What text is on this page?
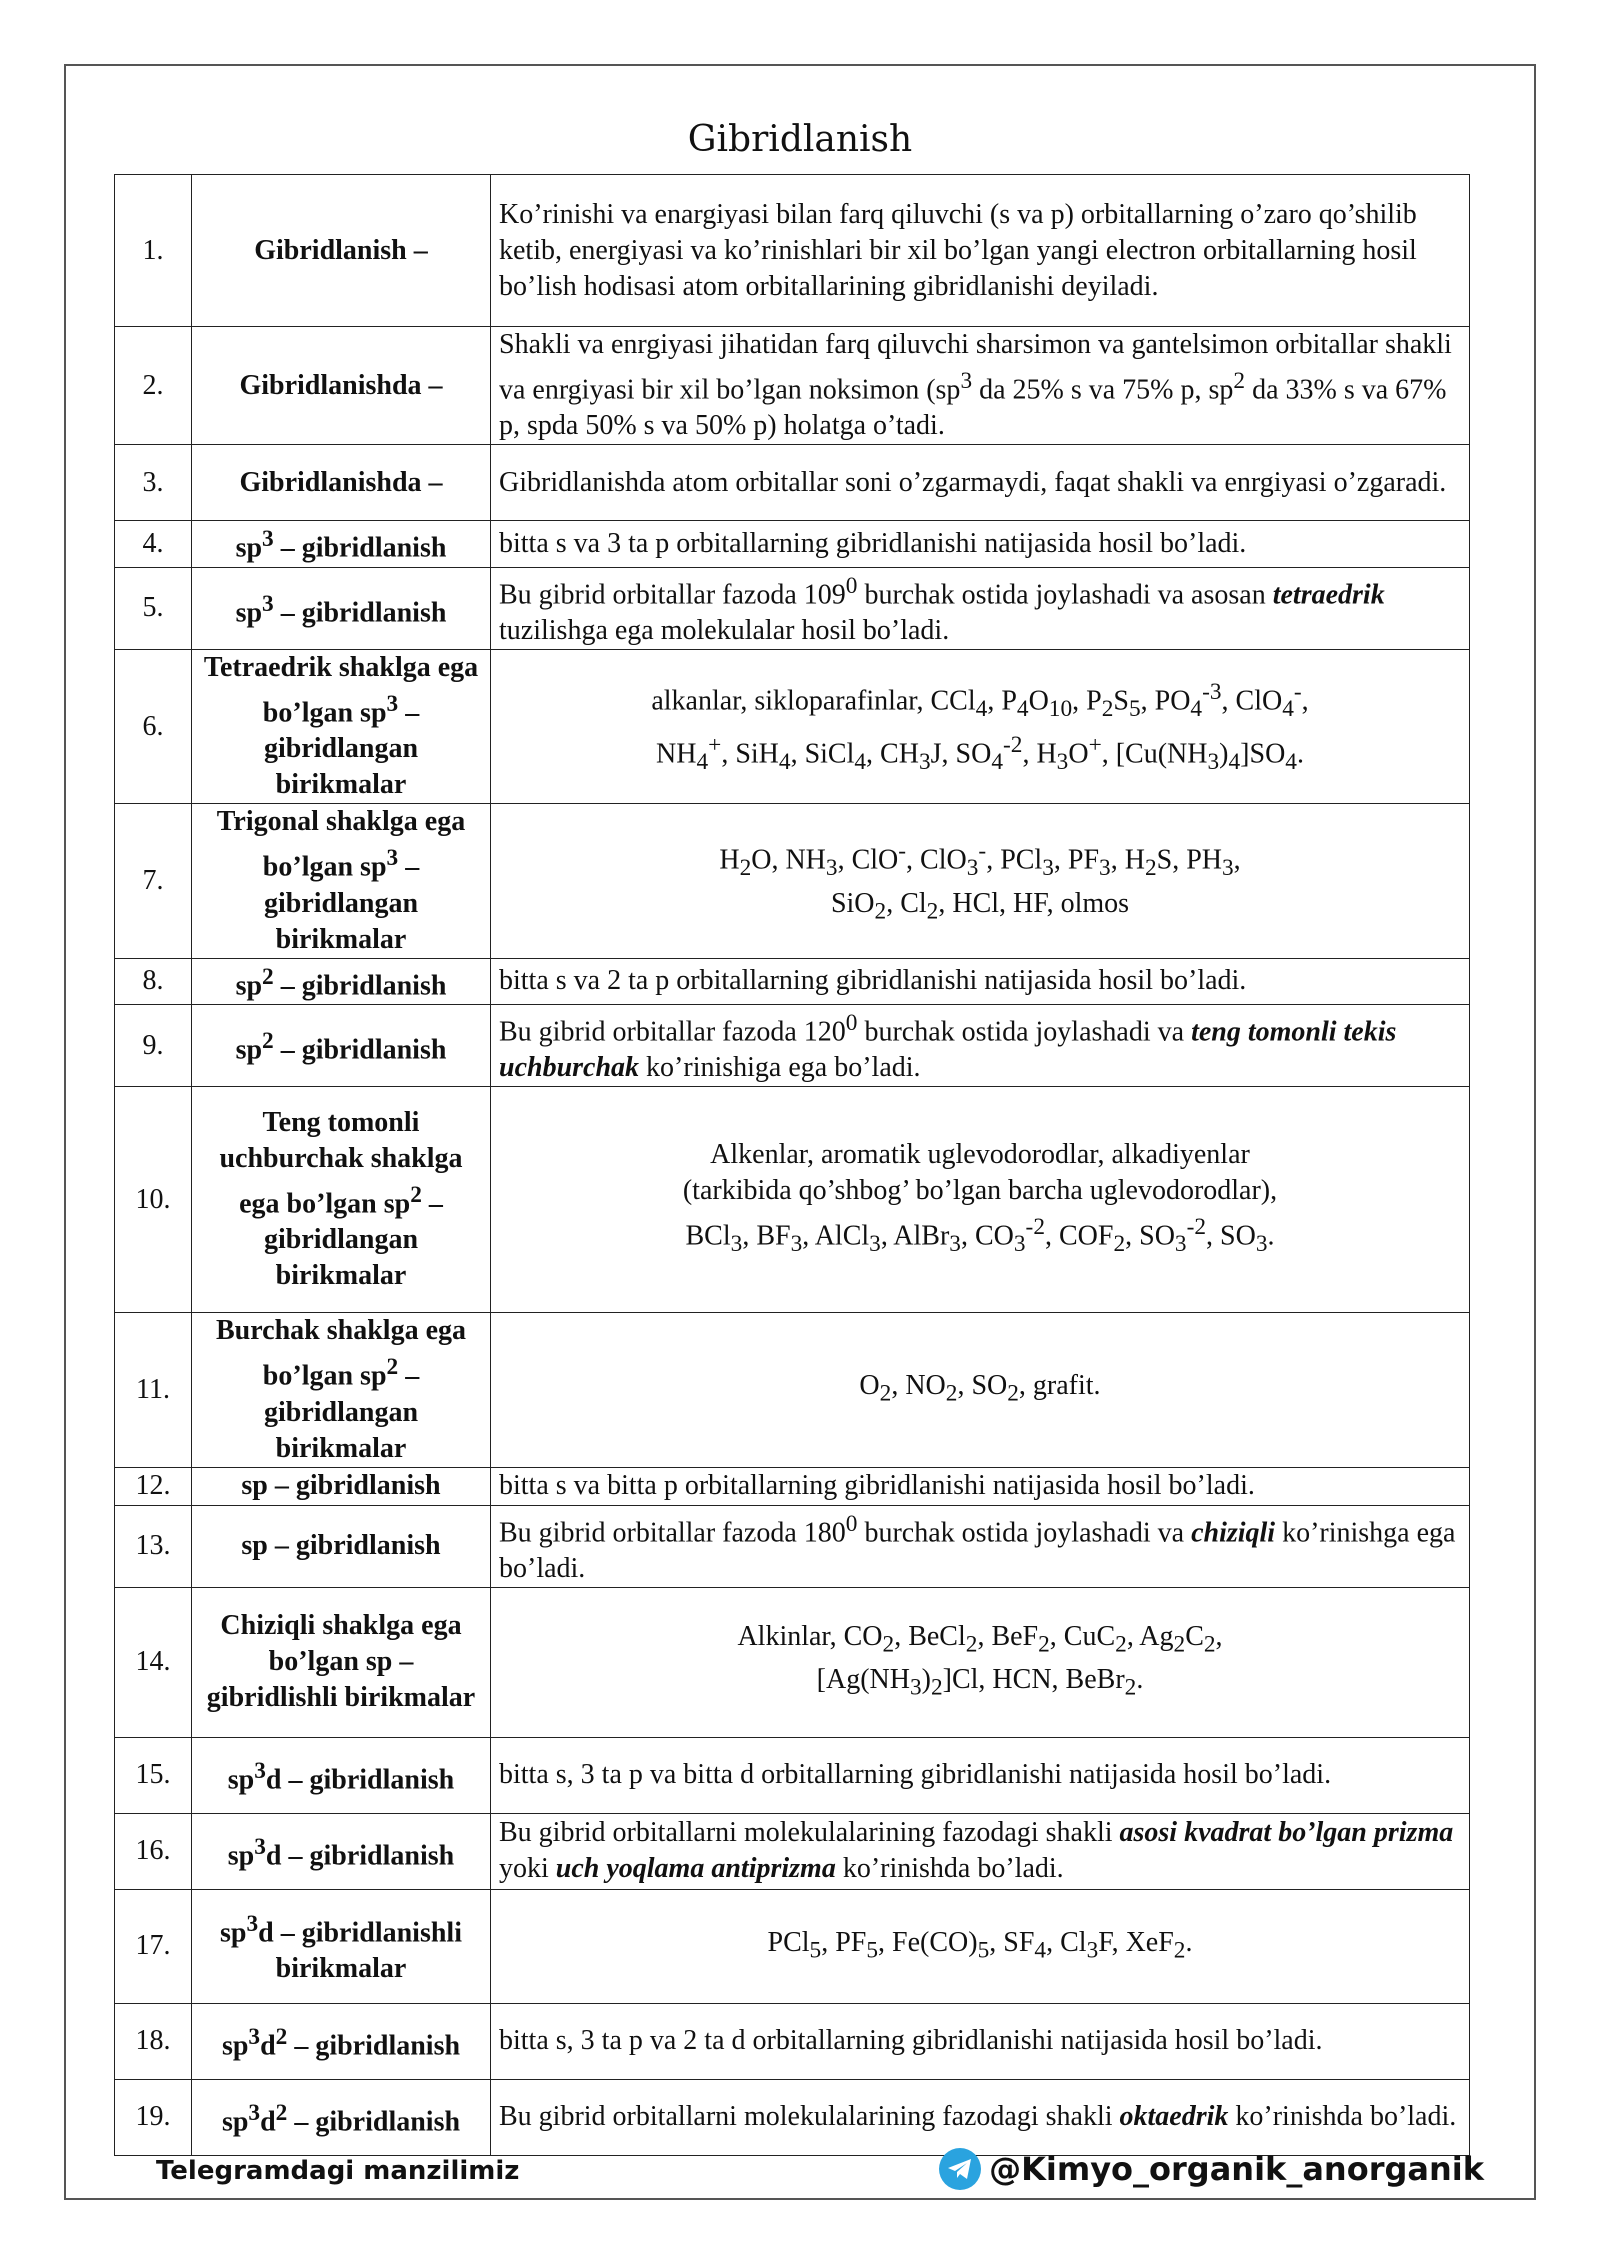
Gibridlanish
1.	Gibridlanish –	Ko’rinishi va enargiyasi bilan farq qiluvchi (s va p) orbitallarning o’zaro qo’shilib ketib, energiyasi va ko’rinishlari bir xil bo’lgan yangi electron orbitallarning hosil bo’lish hodisasi atom orbitallarining gibridlanishi deyiladi.
2.	Gibridlanishda –	Shakli va enrgiyasi jihatidan farq qiluvchi sharsimon va gantelsimon orbitallar shakli va enrgiyasi bir xil bo’lgan noksimon ($sp^3$ da 25% s va 75% p, $sp^2$ da 33% s va 67% p, spda 50% s va 50% p) holatga o’tadi.
3.	Gibridlanishda –	Gibridlanishda atom orbitallar soni o’zgarmaydi, faqat shakli va enrgiyasi o’zgaradi.
4.	$sp^3$ – gibridlanish	bitta s va 3 ta p orbitallarning gibridlanishi natijasida hosil bo’ladi.
5.	$sp^3$ – gibridlanish	Bu gibrid orbitallar fazoda $109^0$ burchak ostida joylashadi va asosan tetraedrik tuzilishga ega molekulalar hosil bo’ladi.
6.	Tetraedrik shaklga ega bo’lgan $sp^3$ – gibridlangan birikmalar	alkanlar, sikloparafinlar, CCl$_4$, $P_4O_{10}$, $P_2S_5$, $PO_4^{-3}$, ClO$_4$-,
$NH_4^+$, SiH$_4$, SiCl$_4$, $CH_3J$, $SO_4^{-2}$, $H_3O^+$, $[Cu(NH_3)_4]SO_4$.
7.	Trigonal shaklga ega bo’lgan $sp^3$ – gibridlangan birikmalar	$H_2O$, $NH_3$, ClO-, ClO$_3$-, PCl$_3$, $PF_3$, $H_2S$, $PH_3$,
SiO$_2$, $Cl_2$, HCl, HF, olmos
8.	$sp^2$ – gibridlanish	bitta s va 2 ta p orbitallarning gibridlanishi natijasida hosil bo’ladi.
9.	$sp^2$ – gibridlanish	Bu gibrid orbitallar fazoda $120^0$ burchak ostida joylashadi va teng tomonli tekis uchburchak ko’rinishiga ega bo’ladi.
10.	Teng tomonli uchburchak shaklga ega bo’lgan $sp^2$ – gibridlangan birikmalar	Alkenlar, aromatik uglevodorodlar, alkadiyenlar
(tarkibida qo’shbog’ bo’lgan barcha uglevodorodlar),
BCl$_3$, $BF_3$, AlCl$_3$, AlBr$_3$, $CO_3^{-2}$, $COF_2$, $SO_3^{-2}$, $SO_3$.
11.	Burchak shaklga ega bo’lgan $sp^2$ – gibridlangan birikmalar	$O_2$, $NO_2$, $SO_2$, grafit.
12.	sp – gibridlanish	bitta s va bitta p orbitallarning gibridlanishi natijasida hosil bo’ladi.
13.	sp – gibridlanish	Bu gibrid orbitallar fazoda $180^0$ burchak ostida joylashadi va chiziqli ko’rinishga ega bo’ladi.
14.	Chiziqli shaklga ega bo’lgan sp – gibridlishli birikmalar	Alkinlar, $CO_2$, BeCl$_2$, BeF$_2$, CuC$_2$, $Ag_2C_2$,
$[Ag(NH_3)_2]Cl$, HCN, BeBr$_2$.
15.	$sp^3d$ – gibridlanish	bitta s, 3 ta p va bitta d orbitallarning gibridlanishi natijasida hosil bo’ladi.
16.	$sp^3d$ – gibridlanish	Bu gibrid orbitallarni molekulalarining fazodagi shakli asosi kvadrat bo’lgan prizma yoki uch yoqlama antiprizma ko’rinishda bo’ladi.
17.	$sp^3d$ – gibridlanishli birikmalar	PCl$_5$, $PF_5$, $Fe(CO)_5$, $SF_4$, $Cl_3F$, XeF$_2$.
18.	$sp^3d^2$ – gibridlanish	bitta s, 3 ta p va 2 ta d orbitallarning gibridlanishi natijasida hosil bo’ladi.
19.	$sp^3d^2$ – gibridlanish	Bu gibrid orbitallarni molekulalarining fazodagi shakli oktaedrik ko’rinishda bo’ladi.
Telegramdagi manzilimiz	@Kimyo_organik_anorganik
